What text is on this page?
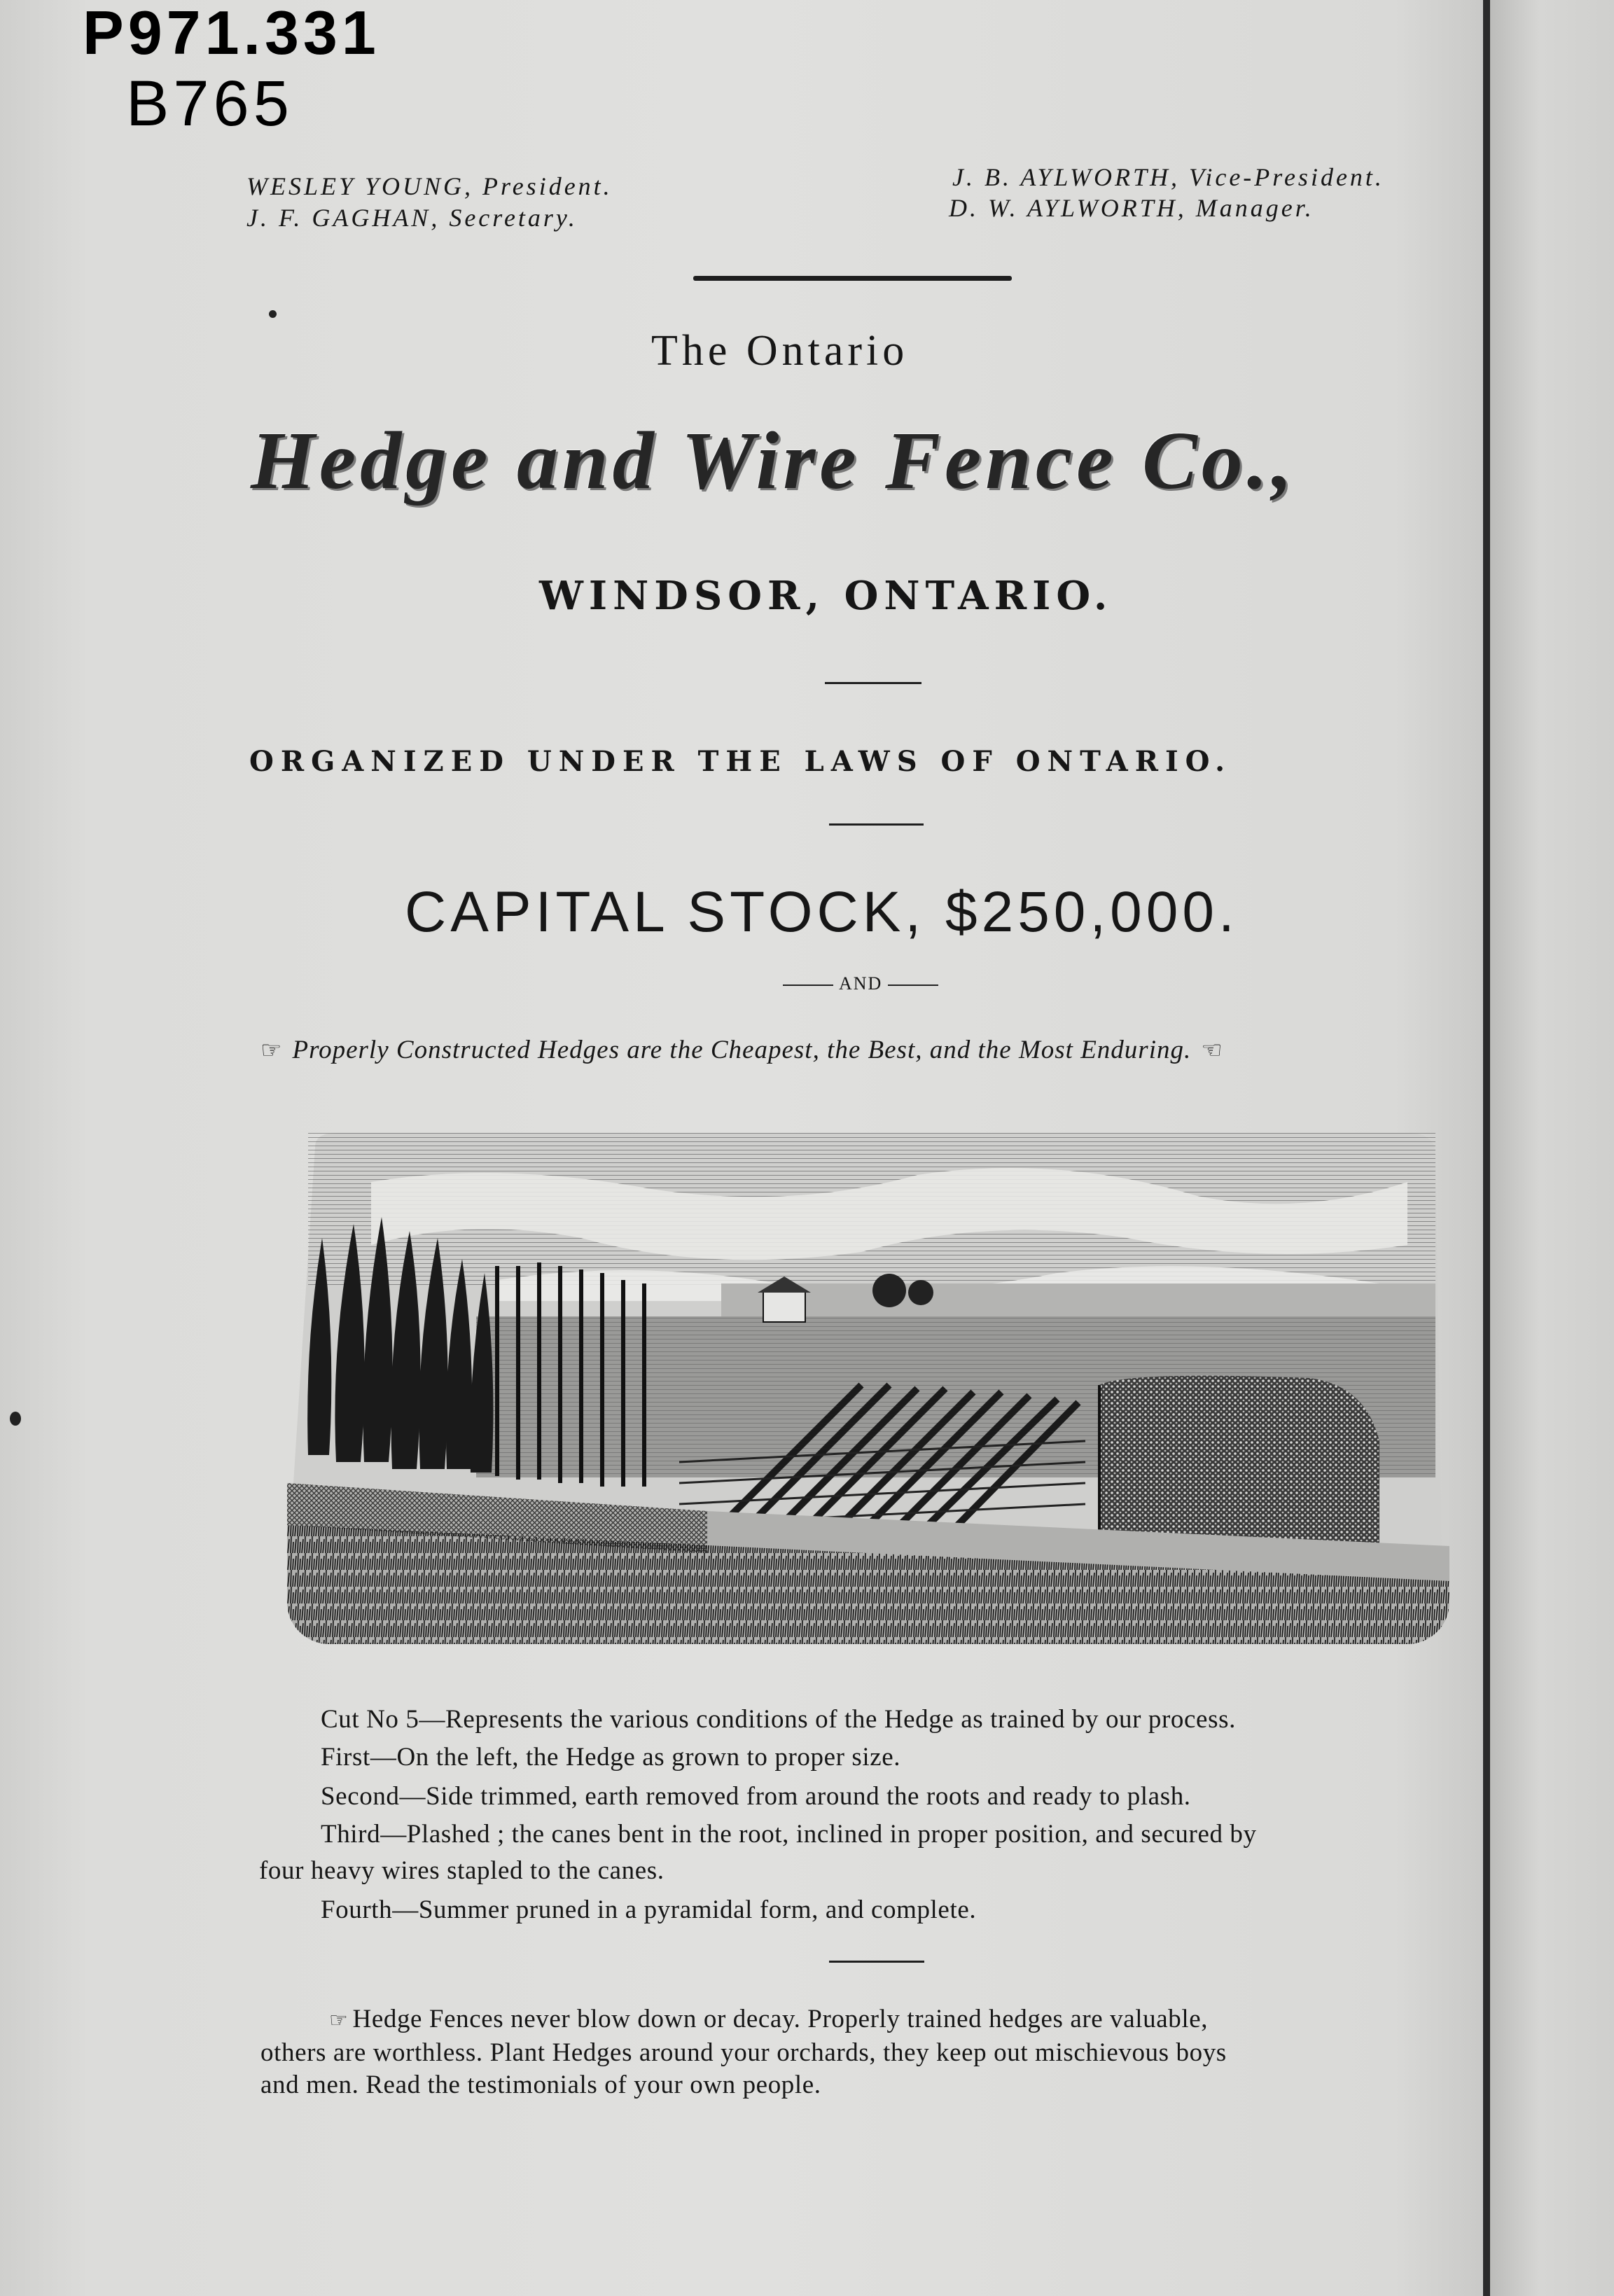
P971.331
B765
WESLEY YOUNG, President.
J. F. GAGHAN, Secretary.
J. B. AYLWORTH, Vice-President.
D. W. AYLWORTH, Manager.
The Ontario
Hedge and Wire Fence Co.,
WINDSOR, ONTARIO.
ORGANIZED UNDER THE LAWS OF ONTARIO.
CAPITAL STOCK, $250,000.
AND
☞ Properly Constructed Hedges are the Cheapest, the Best, and the Most Enduring. ☜
Cut No 5—Represents the various conditions of the Hedge as trained by our process.
First—On the left, the Hedge as grown to proper size.
Second—Side trimmed, earth removed from around the roots and ready to plash.
Third—Plashed ; the canes bent in the root, inclined in proper position, and secured by
four heavy wires stapled to the canes.
Fourth—Summer pruned in a pyramidal form, and complete.
☞ Hedge Fences never blow down or decay. Properly trained hedges are valuable,
others are worthless. Plant Hedges around your orchards, they keep out mischievous boys
and men. Read the testimonials of your own people.
